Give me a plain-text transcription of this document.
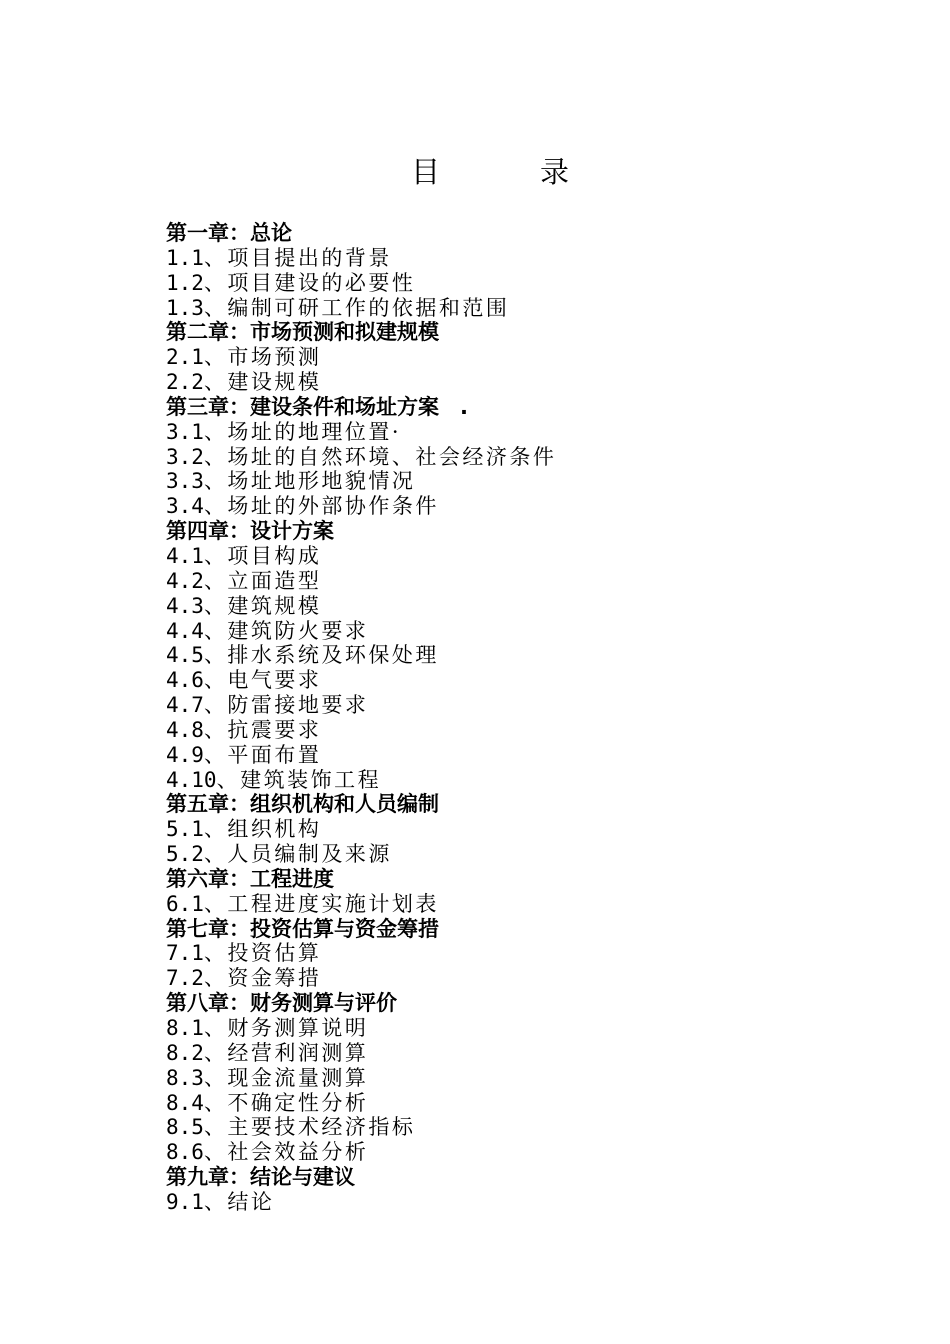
目	录
第一章：总论
1.1、项目提出的背景
1.2、项目建设的必要性
1.3、编制可研工作的依据和范围
第二章：市场预测和拟建规模
2.1、市场预测
2.2、建设规模
第三章：建设条件和场址方案　.
3.1、场址的地理位置·
3.2、场址的自然环境、社会经济条件
3.3、场址地形地貌情况
3.4、场址的外部协作条件
第四章：设计方案
4.1、项目构成
4.2、立面造型
4.3、建筑规模
4.4、建筑防火要求
4.5、排水系统及环保处理
4.6、电气要求
4.7、防雷接地要求
4.8、抗震要求
4.9、平面布置
4.10、建筑装饰工程
第五章：组织机构和人员编制
5.1、组织机构
5.2、人员编制及来源
第六章：工程进度
6.1、工程进度实施计划表
第七章：投资估算与资金筹措
7.1、投资估算
7.2、资金筹措
第八章：财务测算与评价
8.1、财务测算说明
8.2、经营利润测算
8.3、现金流量测算
8.4、不确定性分析
8.5、主要技术经济指标
8.6、社会效益分析
第九章：结论与建议
9.1、结论
